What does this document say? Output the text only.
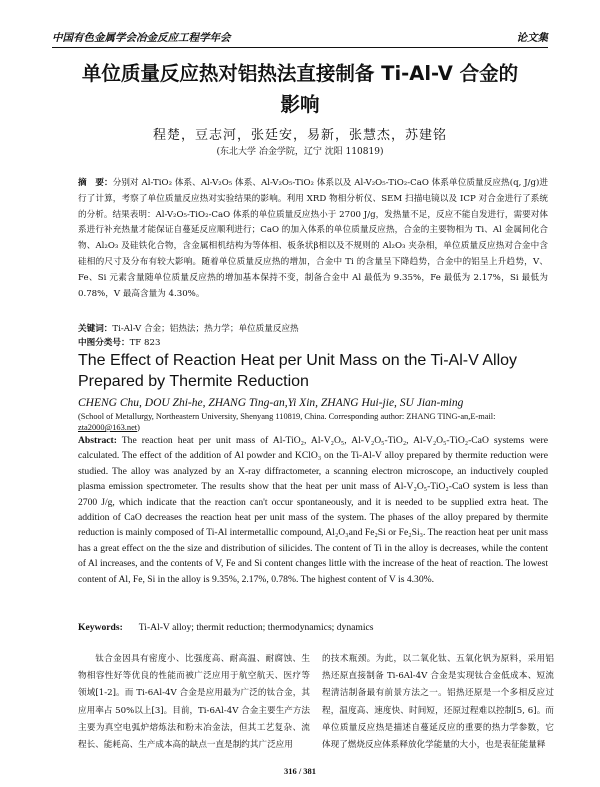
中国有色金属学会冶金反应工程学年会	论文集
单位质量反应热对铝热法直接制备 Ti-Al-V 合金的
影响
程楚，豆志河，张廷安，易新，张慧杰，苏建铭
(东北大学 冶金学院，辽宁 沈阳 110819)
摘　要：分别对 Al-TiO₂ 体系、Al-V₂O₅ 体系、Al-V₂O₅-TiO₂ 体系以及 Al-V₂O₅-TiO₂-CaO 体系单位质量反应热(q, J/g)进行了计算，考察了单位质量反应热对实验结果的影响。利用 XRD 物相分析仪、SEM 扫描电镜以及 ICP 对合金进行了系统的分析。结果表明：Al-V₂O₅-TiO₂-CaO 体系的单位质量反应热小于 2700 J/g，发热量不足，反应不能自发进行，需要对体系进行补充热量才能保证自蔓延反应顺利进行；CaO 的加入体系的单位质量反应热，合金的主要物相为 Ti、Al 金属间化合物、Al₂O₃ 及硅铁化合物，含金属相机结构为等体相、板条状β相以及不规则的 Al₂O₃ 夹杂相，单位质量反应热对合金中含硅相的尺寸及分布有较大影响。随着单位质量反应热的增加，合金中 Ti 的含量呈下降趋势，合金中的铝呈上升趋势，V、Fe、Si 元素含量随单位质量反应热的增加基本保持不变，制备合金中 Al 最低为 9.35%，Fe 最低为 2.17%，Si 最低为 0.78%，V 最高含量为 4.30%。
关键词：Ti-Al-V 合金；铝热法；热力学；单位质量反应热
中图分类号：TF 823
The Effect of Reaction Heat per Unit Mass on the Ti-Al-V Alloy Prepared by Thermite Reduction
CHENG Chu, DOU Zhi-he, ZHANG Ting-an,Yi Xin, ZHANG Hui-jie, SU Jian-ming
(School of Metallurgy, Northeastern University, Shenyang 110819, China. Corresponding author: ZHANG TING-an,E-mail: zta2000@163.net)
Abstract: The reaction heat per unit mass of Al-TiO₂, Al-V₂O₅, Al-V₂O₅-TiO₂, Al-V₂O₅-TiO₂-CaO systems were calculated. The effect of the addition of Al powder and KClO₃ on the Ti-Al-V alloy prepared by thermite reduction were studied. The alloy was analyzed by an X-ray diffractometer, a scanning electron microscope, an inductively coupled plasma emission spectrometer. The results show that the heat per unit mass of Al-V₂O₅-TiO₂-CaO system is less than 2700 J/g, which indicate that the reaction can't occur spontaneously, and it is needed to be supplied extra heat. The addition of CaO decreases the reaction heat per unit mass of the system. The phases of the alloy prepared by thermite reduction is mainly composed of Ti-Al intermetallic compound, Al₂O₃and Fe₂Si or Fe₂Si₃. The reaction heat per unit mass has a great effect on the the size and distribution of silicides. The content of Ti in the alloy is decreases, while the content of Al increases, and the contents of V, Fe and Si content changes little with the increase of the heat of reaction. The lowest content of Al, Fe, Si in the alloy is 9.35%, 2.17%, 0.78%. The highest content of V is 4.30%.
Keywords: Ti-Al-V alloy; thermit reduction; thermodynamics; dynamics

钛合金因具有密度小、比强度高、耐高温、耐腐蚀、生物相容性好等优良的性能而被广泛应用于航空航天、医疗等领域[1-2]。而 Ti-6Al-4V 合金是应用最为广泛的钛合金，其应用率占 50%以上[3]。目前，Ti-6Al-4V 合金主要生产方法主要为真空电弧炉熔炼法和粉末冶金法，但其工艺复杂、流程长、能耗高、生产成本高的缺点一直是制约其广泛应用

的技术瓶颈。为此，以二氧化钛、五氧化钒为原料，采用铝热还原直接制备 Ti-6Al-4V 合金是实现钛合金低成本、短流程清洁制备最有前景方法之一。铝热还原是一个多相反应过程，温度高、速度快、时间短，还原过程难以控制[5, 6]。而单位质量反应热是描述自蔓延反应的重要的热力学参数，它体现了燃烧反应体系释放化学能量的大小，也是表征能量释

316 / 381
